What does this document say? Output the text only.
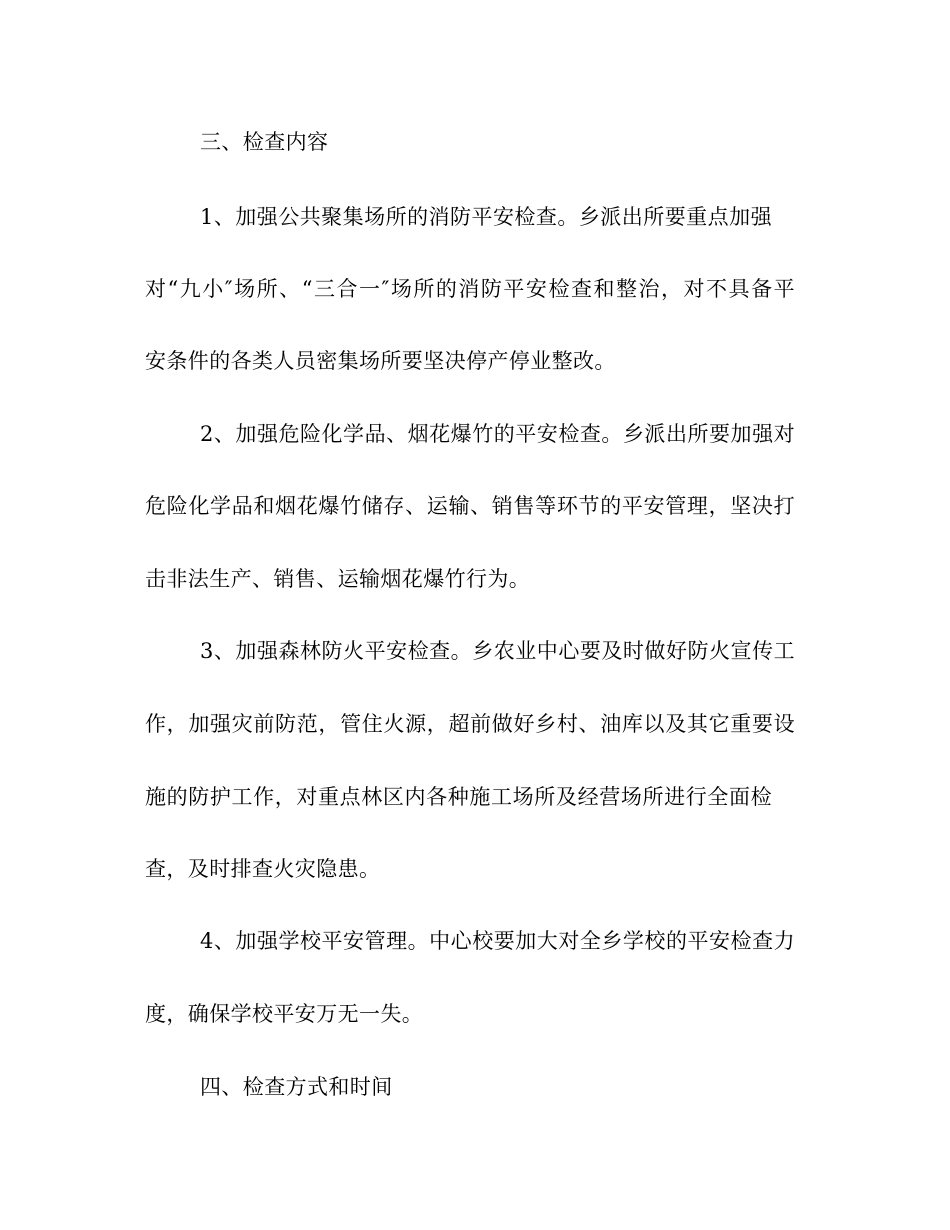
三、检查内容
1、加强公共聚集场所的消防平安检查。乡派出所要重点加强
对“九小″场所、“三合一″场所的消防平安检查和整治，对不具备平
安条件的各类人员密集场所要坚决停产停业整改。
2、加强危险化学品、烟花爆竹的平安检查。乡派出所要加强对
危险化学品和烟花爆竹储存、运输、销售等环节的平安管理，坚决打
击非法生产、销售、运输烟花爆竹行为。
3、加强森林防火平安检查。乡农业中心要及时做好防火宣传工
作，加强灾前防范，管住火源，超前做好乡村、油库以及其它重要设
施的防护工作，对重点林区内各种施工场所及经营场所进行全面检
查，及时排查火灾隐患。
4、加强学校平安管理。中心校要加大对全乡学校的平安检查力
度，确保学校平安万无一失。
四、检查方式和时间
